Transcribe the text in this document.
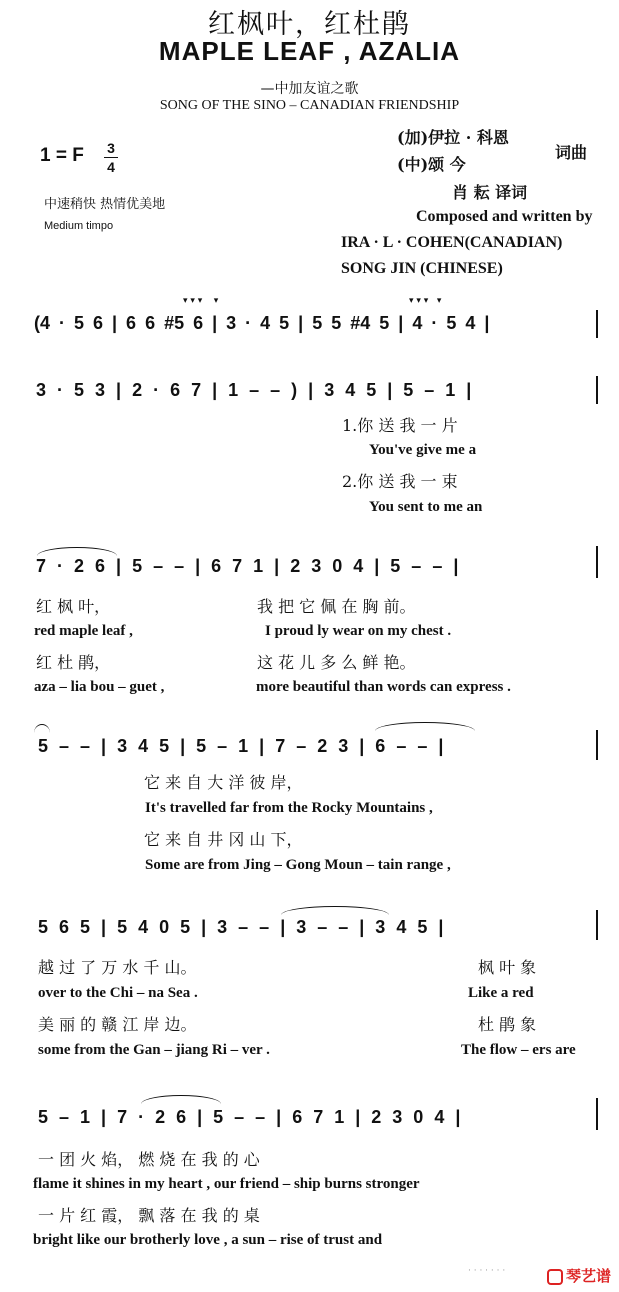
红枫叶，红杜鹃
MAPLE LEAF , AZALIA
—中加友谊之歌
SONG OF THE SINO – CANADIAN FRIENDSHIP
1 = F 3
4
中速稍快 热情优美地
Medium timpo
(加)伊拉 · 科恩
(中)颂 今
词曲
肖 耘 译词
Composed and written by
IRA · L · COHEN(CANADIAN)
SONG JIN (CHINESE)
(4 · 5 6 | 6 6 #5 6 | 3 · 4 5 | 5 5 #4 5 | 4 · 5 4 |
▾ ▾ ▾    ▾	▾ ▾ ▾   ▾
3 · 5 3 | 2 · 6 7 | 1 – – ) | 3 4 5 | 5 – 1 |
1.你 送 我 一 片
You've give me a
2.你 送 我 一 束
You sent to me an
7 · 2 6 | 5 – – | 6 7 1 | 2 3 0 4 | 5 – – |
红 枫 叶，	我 把 它 佩 在 胸 前。
red maple leaf ,	I proud ly wear on my chest .
红 杜 鹃，	这 花 儿 多 么 鲜 艳。
aza – lia bou – guet ,	more beautiful than words can express .
5 – – | 3 4 5 | 5 – 1 | 7 – 2 3 | 6 – – |
它 来 自 大 洋 彼 岸，
It's travelled far from the Rocky Mountains ,
它 来 自 井 冈 山 下，
Some are from Jing – Gong Moun – tain range ,
5 6 5 | 5 4 0 5 | 3 – – | 3 – – | 3 4 5 |
越 过 了 万 水 千 山。	枫 叶 象
over to the Chi – na Sea .	Like a red
美 丽 的 赣 江 岸 边。	杜 鹃 象
some from the Gan – jiang Ri – ver .	The flow – ers are
5 – 1 | 7 · 2 6 | 5 – – | 6 7 1 | 2 3 0 4 |
一 团 火 焰， 燃 烧 在 我 的 心
flame it shines in my heart , our friend – ship burns stronger
一 片 红 霞， 飘 落 在 我 的 桌
bright like our brotherly love , a sun – rise of trust and
· · · · · · ·	琴艺谱
